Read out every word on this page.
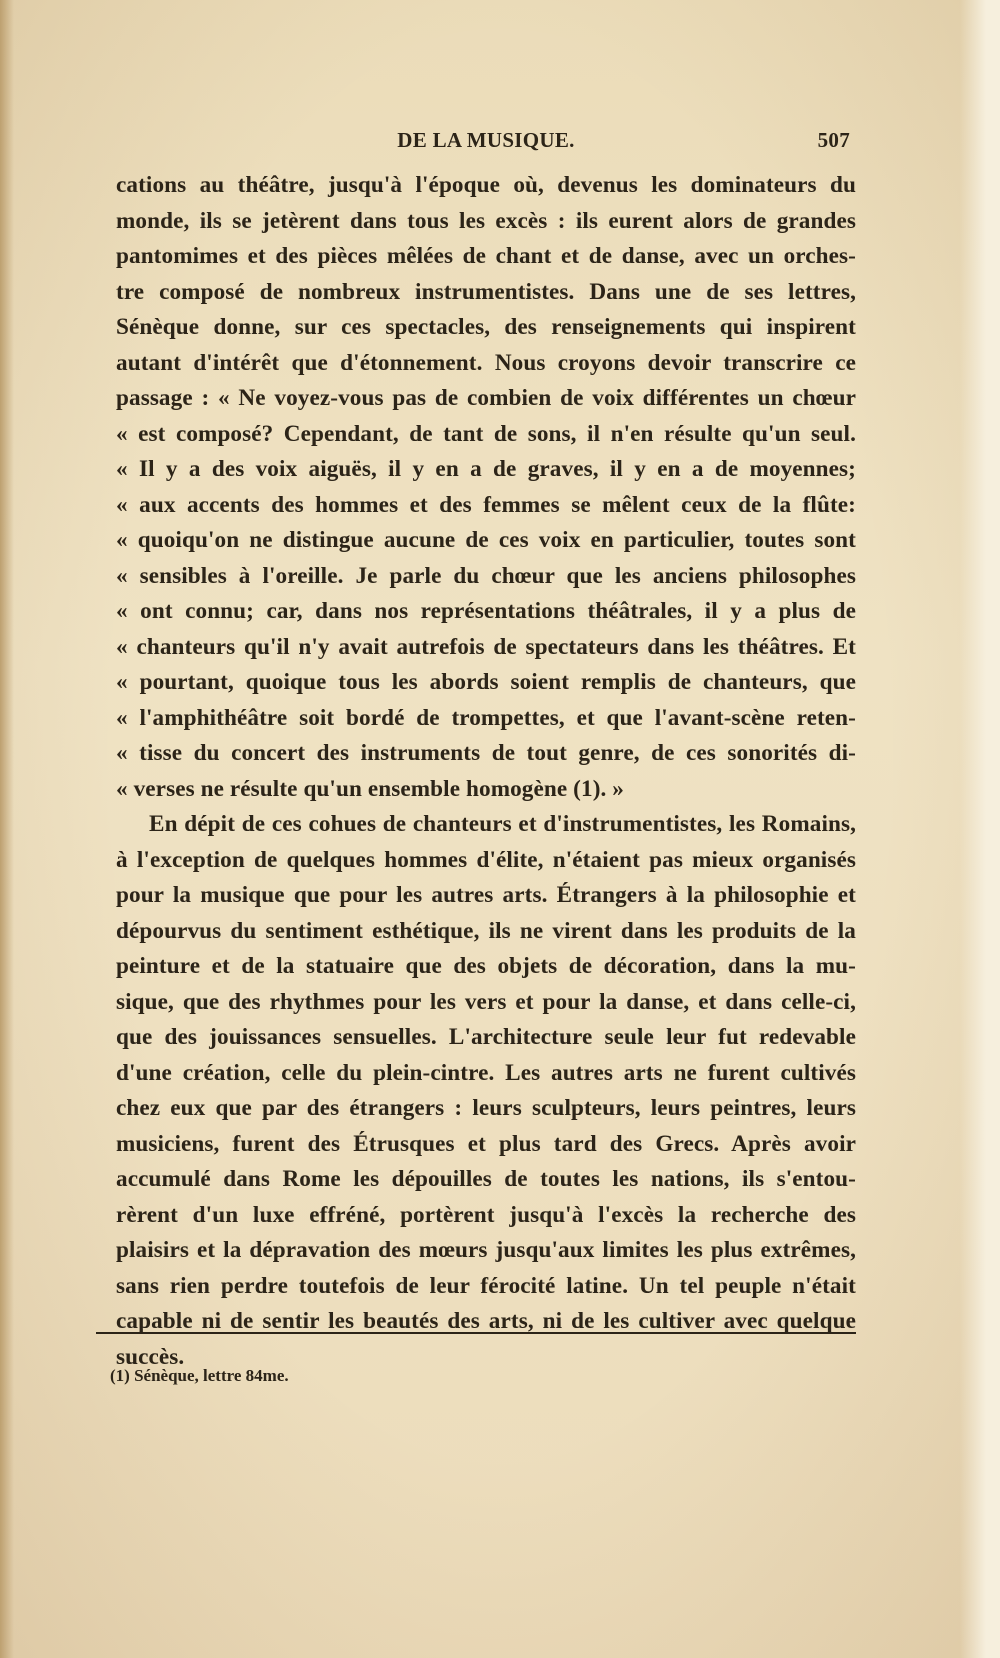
DE LA MUSIQUE.	507
cations au théâtre, jusqu'à l'époque où, devenus les dominateurs du
monde, ils se jetèrent dans tous les excès : ils eurent alors de grandes
pantomimes et des pièces mêlées de chant et de danse, avec un orches-
tre composé de nombreux instrumentistes. Dans une de ses lettres,
Sénèque donne, sur ces spectacles, des renseignements qui inspirent
autant d'intérêt que d'étonnement. Nous croyons devoir transcrire ce
passage : « Ne voyez-vous pas de combien de voix différentes un chœur
« est composé? Cependant, de tant de sons, il n'en résulte qu'un seul.
« Il y a des voix aiguës, il y en a de graves, il y en a de moyennes;
« aux accents des hommes et des femmes se mêlent ceux de la flûte:
« quoiqu'on ne distingue aucune de ces voix en particulier, toutes sont
« sensibles à l'oreille. Je parle du chœur que les anciens philosophes
« ont connu; car, dans nos représentations théâtrales, il y a plus de
« chanteurs qu'il n'y avait autrefois de spectateurs dans les théâtres. Et
« pourtant, quoique tous les abords soient remplis de chanteurs, que
« l'amphithéâtre soit bordé de trompettes, et que l'avant-scène reten-
« tisse du concert des instruments de tout genre, de ces sonorités di-
« verses ne résulte qu'un ensemble homogène (1). »
En dépit de ces cohues de chanteurs et d'instrumentistes, les Romains,
à l'exception de quelques hommes d'élite, n'étaient pas mieux organisés
pour la musique que pour les autres arts. Étrangers à la philosophie et
dépourvus du sentiment esthétique, ils ne virent dans les produits de la
peinture et de la statuaire que des objets de décoration, dans la mu-
sique, que des rhythmes pour les vers et pour la danse, et dans celle-ci,
que des jouissances sensuelles. L'architecture seule leur fut redevable
d'une création, celle du plein-cintre. Les autres arts ne furent cultivés
chez eux que par des étrangers : leurs sculpteurs, leurs peintres, leurs
musiciens, furent des Étrusques et plus tard des Grecs. Après avoir
accumulé dans Rome les dépouilles de toutes les nations, ils s'entou-
rèrent d'un luxe effréné, portèrent jusqu'à l'excès la recherche des
plaisirs et la dépravation des mœurs jusqu'aux limites les plus extrêmes,
sans rien perdre toutefois de leur férocité latine. Un tel peuple n'était
capable ni de sentir les beautés des arts, ni de les cultiver avec quelque
succès.
(1) Sénèque, lettre 84me.
